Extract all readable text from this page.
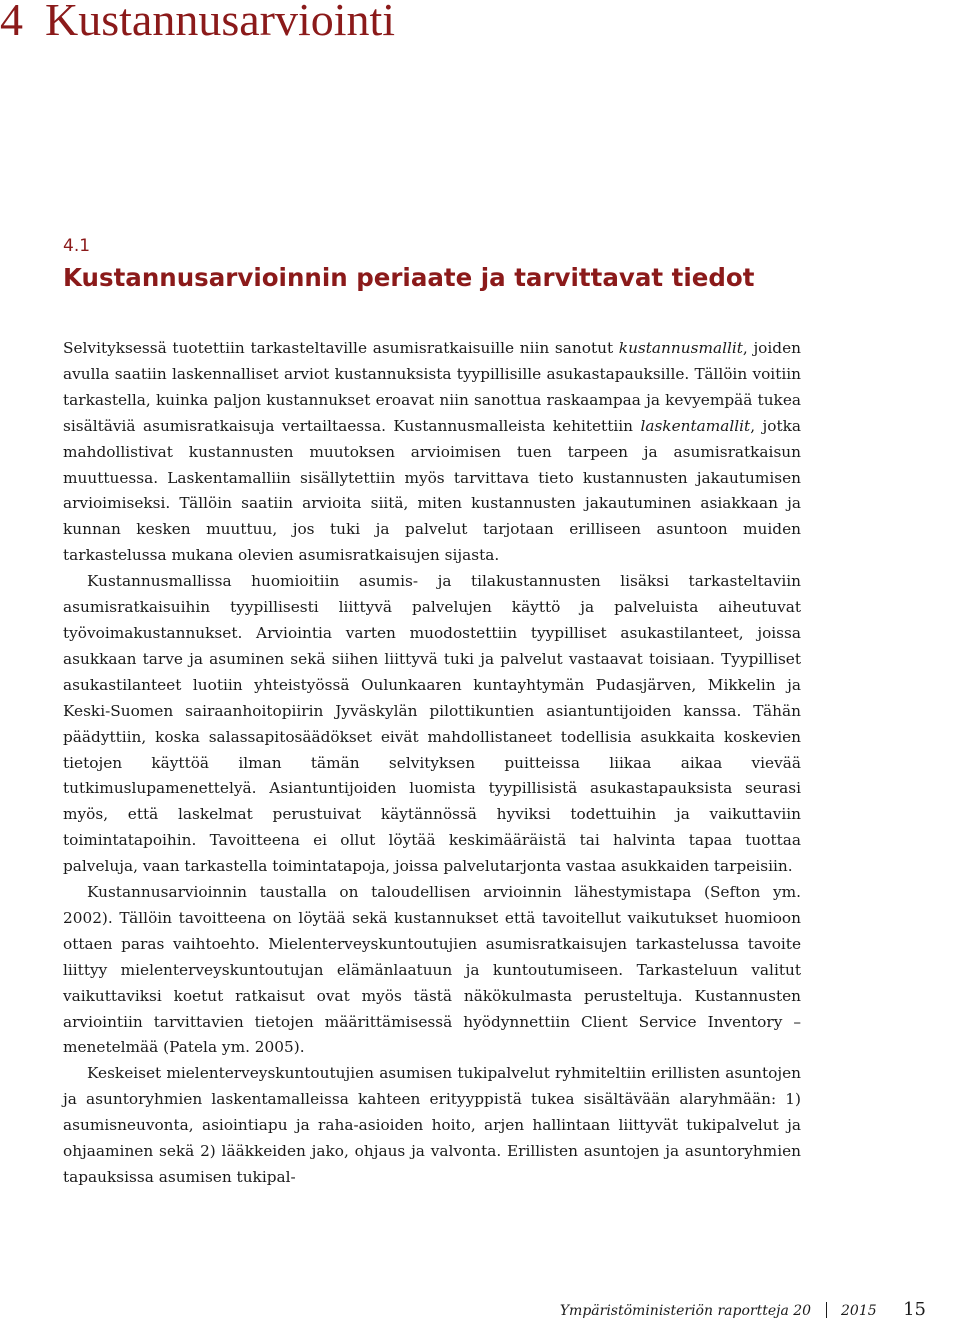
4 Kustannusarviointi
4.1
Kustannusarvioinnin periaate ja tarvittavat tiedot

Selvityksessä tuotettiin tarkasteltaville asumisratkaisuille niin sanotut kustannusmallit, joiden avulla saatiin laskennalliset arviot kustannuksista tyypillisille asukastapauksille. Tällöin voitiin tarkastella, kuinka paljon kustannukset eroavat niin sanottua raskaampaa ja kevyempää tukea sisältäviä asumisratkaisuja vertailtaessa. Kustannusmalleista kehitettiin laskentamallit, jotka mahdollistivat kustannusten muutoksen arvioimisen tuen tarpeen ja asumisratkaisun muuttuessa. Laskentamalliin sisällytettiin myös tarvittava tieto kustannusten jakautumisen arvioimiseksi. Tällöin saatiin arvioita siitä, miten kustannusten jakautuminen asiakkaan ja kunnan kesken muuttuu, jos tuki ja palvelut tarjotaan erilliseen asuntoon muiden tarkastelussa mukana olevien asumisratkaisujen sijasta.

Kustannusmallissa huomioitiin asumis- ja tilakustannusten lisäksi tarkasteltaviin asumisratkaisuihin tyypillisesti liittyvä palvelujen käyttö ja palveluista aiheutuvat työvoimakustannukset. Arviointia varten muodostettiin tyypilliset asukastilanteet, joissa asukkaan tarve ja asuminen sekä siihen liittyvä tuki ja palvelut vastaavat toisiaan. Tyypilliset asukastilanteet luotiin yhteistyössä Oulunkaaren kuntayhtymän Pudasjärven, Mikkelin ja Keski-Suomen sairaanhoitopiirin Jyväskylän pilottikuntien asiantuntijoiden kanssa. Tähän päädyttiin, koska salassapitosäädökset eivät mahdollistaneet todellisia asukkaita koskevien tietojen käyttöä ilman tämän selvityksen puitteissa liikaa aikaa vievää tutkimuslupamenettelyä. Asiantuntijoiden luomista tyypillisistä asukastapauksista seurasi myös, että laskelmat perustuivat käytännössä hyviksi todettuihin ja vaikuttaviin toimintatapoihin. Tavoitteena ei ollut löytää keskimääräistä tai halvinta tapaa tuottaa palveluja, vaan tarkastella toimintatapoja, joissa palvelutarjonta vastaa asukkaiden tarpeisiin.

Kustannusarvioinnin taustalla on taloudellisen arvioinnin lähestymistapa (Sefton ym. 2002). Tällöin tavoitteena on löytää sekä kustannukset että tavoitellut vaikutukset huomioon ottaen paras vaihtoehto. Mielenterveyskuntoutujien asumisratkaisujen tarkastelussa tavoite liittyy mielenterveyskuntoutujan elämänlaatuun ja kuntoutumiseen. Tarkasteluun valitut vaikuttaviksi koetut ratkaisut ovat myös tästä näkökulmasta perusteltuja. Kustannusten arviointiin tarvittavien tietojen määrittämisessä hyödynnettiin Client Service Inventory –menetelmää (Patela ym. 2005).

Keskeiset mielenterveyskuntoutujien asumisen tukipalvelut ryhmiteltiin erillisten asuntojen ja asuntoryhmien laskentamalleissa kahteen erityyppistä tukea sisältävään alaryhmään: 1) asumisneuvonta, asiointiapu ja raha-asioiden hoito, arjen hallintaan liittyvät tukipalvelut ja ohjaaminen sekä 2) lääkkeiden jako, ohjaus ja valvonta. Erillisten asuntojen ja asuntoryhmien tapauksissa asumisen tukipal-

Ympäristöministeriön raportteja 20 2015 15
